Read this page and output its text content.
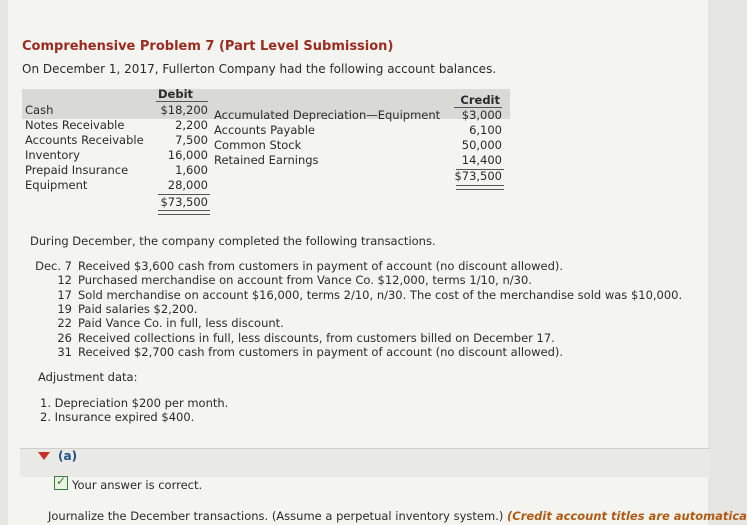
Comprehensive Problem 7 (Part Level Submission)
On December 1, 2017, Fullerton Company had the following account balances.
Debit	Credit
Cash
Notes Receivable
Accounts Receivable
Inventory
Prepaid Insurance
Equipment
$18,200
2,200
7,500
16,000
1,600
28,000
$73,500
Accumulated Depreciation—Equipment
Accounts Payable
Common Stock
Retained Earnings
$3,000
6,100
50,000
14,400
$73,500
During December, the company completed the following transactions.
Dec. 7 Received $3,600 cash from customers in payment of account (no discount allowed).
12 Purchased merchandise on account from Vance Co. $12,000, terms 1/10, n/30.
17 Sold merchandise on account $16,000, terms 2/10, n/30. The cost of the merchandise sold was $10,000.
19 Paid salaries $2,200.
22 Paid Vance Co. in full, less discount.
26 Received collections in full, less discounts, from customers billed on December 17.
31 Received $2,700 cash from customers in payment of account (no discount allowed).
Adjustment data:
1. Depreciation $200 per month.
2. Insurance expired $400.
(a)
✓
Your answer is correct.
Journalize the December transactions. (Assume a perpetual inventory system.) (Credit account titles are automatica
